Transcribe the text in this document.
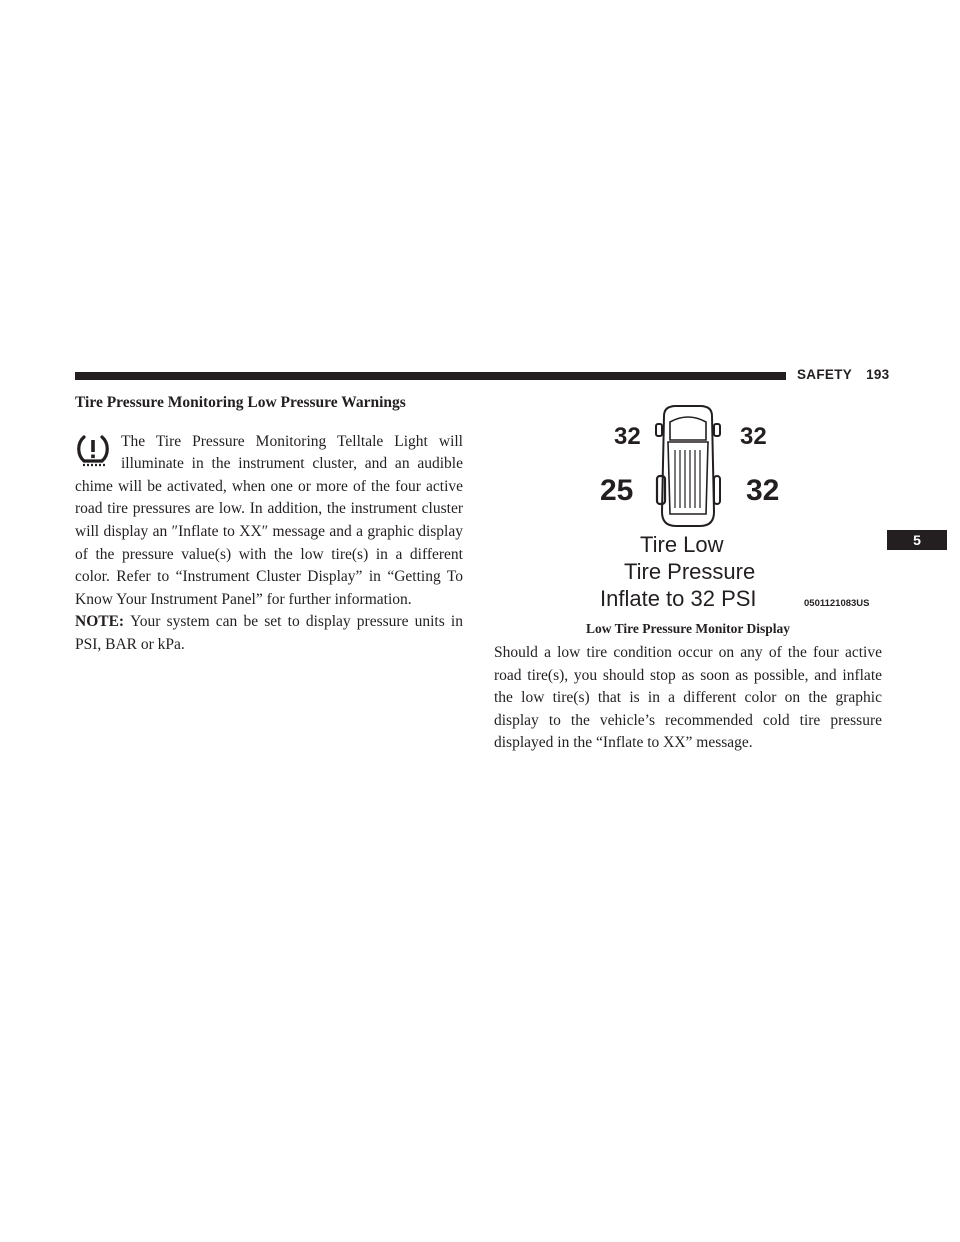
SAFETY 193
5
Tire Pressure Monitoring Low Pressure Warnings

The Tire Pressure Monitoring Telltale Light will illuminate in the instrument cluster, and an audible chime will be activated, when one or more of the four active road tire pressures are low. In addition, the instrument cluster will display an ″Inflate to XX″ message and a graphic display of the pressure value(s) with the low tire(s) in a different color. Refer to “Instrument Cluster Display” in “Getting To Know Your Instrument Panel” for further information.

NOTE: Your system can be set to display pressure units in PSI, BAR or kPa.

32	32
25	32
Tire Low
Tire Pressure
Inflate to 32 PSI	0501121083US
Low Tire Pressure Monitor Display

Should a low tire condition occur on any of the four active road tire(s), you should stop as soon as possible, and inflate the low tire(s) that is in a different color on the graphic display to the vehicle’s recommended cold tire pressure displayed in the “Inflate to XX” message.
